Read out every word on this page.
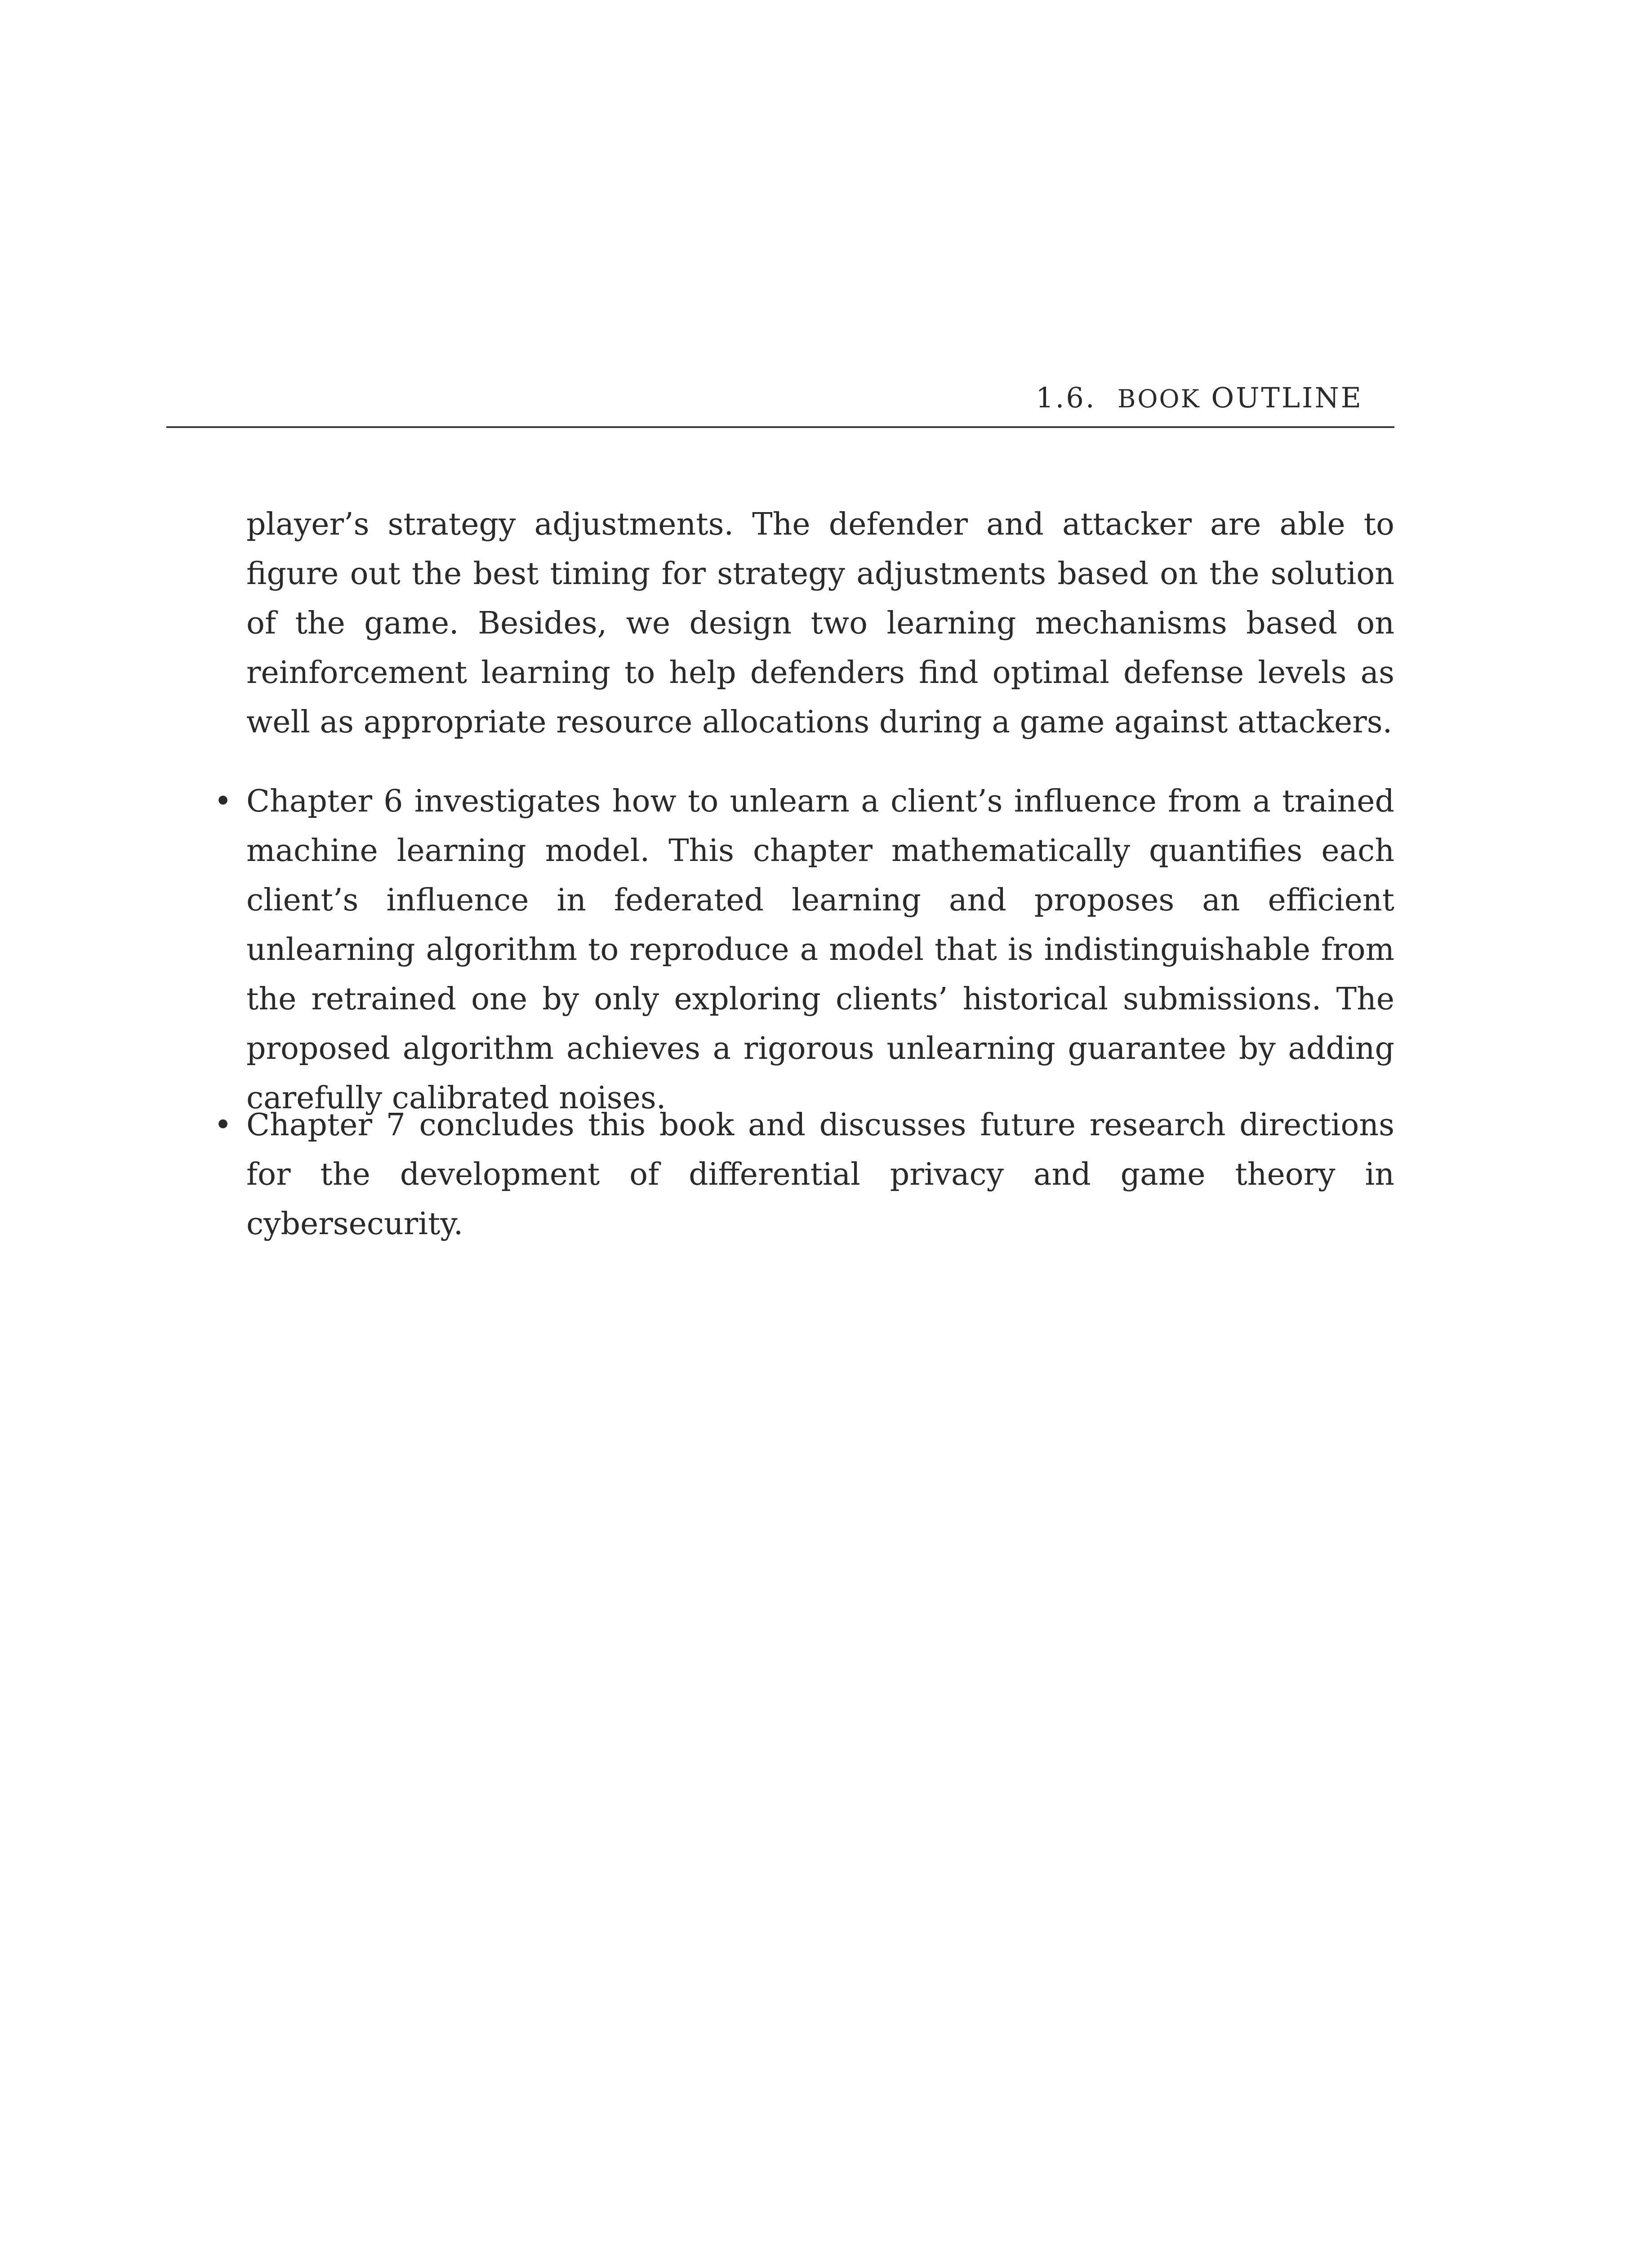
1.6. BOOK OUTLINE

player’s strategy adjustments. The defender and attacker are able to figure out the best timing for strategy adjustments based on the solution of the game. Besides, we design two learning mechanisms based on reinforcement learning to help defenders find optimal defense levels as well as appropriate resource allocations during a game against attackers.

• Chapter 6 investigates how to unlearn a client’s influence from a trained machine learning model. This chapter mathematically quantifies each client’s influence in federated learning and proposes an efficient unlearning algorithm to reproduce a model that is indistinguishable from the retrained one by only exploring clients’ historical submissions. The proposed algorithm achieves a rigorous unlearning guarantee by adding carefully calibrated noises.
• Chapter 7 concludes this book and discusses future research directions for the development of differential privacy and game theory in cybersecurity.
